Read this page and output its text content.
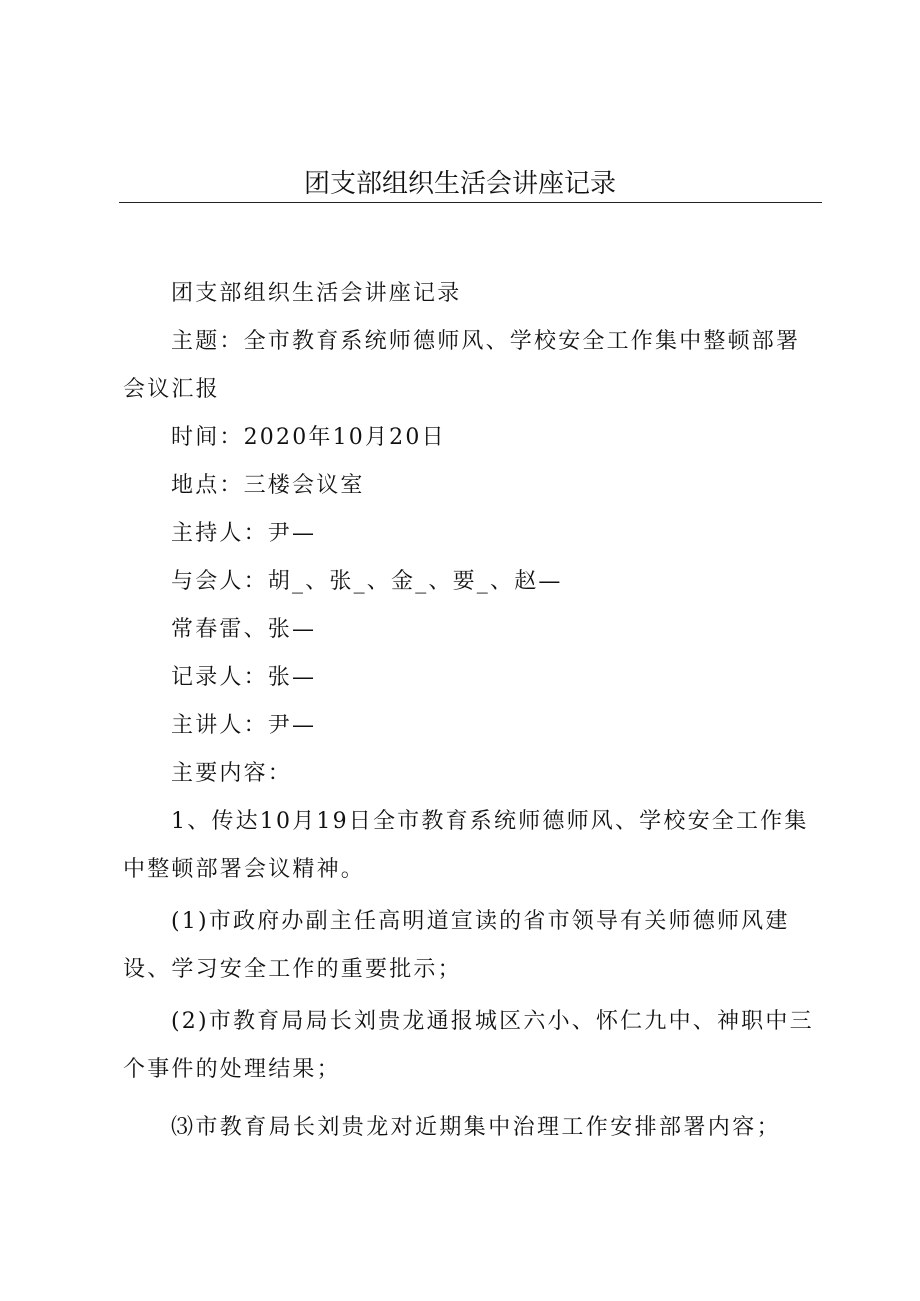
团支部组织生活会讲座记录

团支部组织生活会讲座记录

主题：全市教育系统师德师风、学校安全工作集中整顿部署会议汇报

时间：2020年10月20日

地点：三楼会议室

主持人：尹—

与会人：胡_、张_、金_、要_、赵—

常春雷、张—

记录人：张—

主讲人：尹—

主要内容：

1、传达10月19日全市教育系统师德师风、学校安全工作集中整顿部署会议精神。

(1)市政府办副主任高明道宣读的省市领导有关师德师风建设、学习安全工作的重要批示；

(2)市教育局局长刘贵龙通报城区六小、怀仁九中、神职中三个事件的处理结果；

⑶市教育局长刘贵龙对近期集中治理工作安排部署内容；
